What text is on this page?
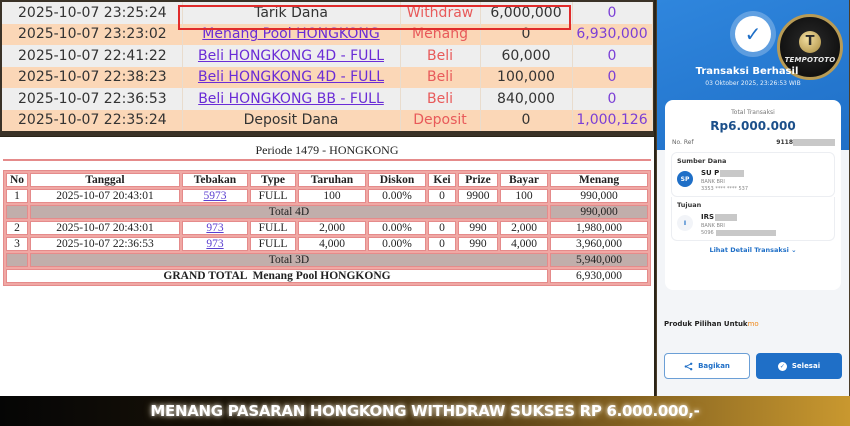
2025-10-07 23:25:24	Tarik Dana	Withdraw	6,000,000	0
2025-10-07 23:23:02	Menang Pool HONGKONG	Menang	0	6,930,000
2025-10-07 22:41:22	Beli HONGKONG 4D - FULL	Beli	60,000	0
2025-10-07 22:38:23	Beli HONGKONG 4D - FULL	Beli	100,000	0
2025-10-07 22:36:53	Beli HONGKONG BB - FULL	Beli	840,000	0
2025-10-07 22:35:24	Deposit Dana	Deposit	0	1,000,126
Periode 1479 - HONGKONG
No	Tanggal	Tebakan	Type	Taruhan	Diskon	Kei	Prize	Bayar	Menang
1	2025-10-07 20:43:01	5973	FULL	100	0.00%	0	9900	100	990,000
	Total 4D								990,000
2	2025-10-07 20:43:01	973	FULL	2,000	0.00%	0	990	2,000	1,980,000
3	2025-10-07 22:36:53	973	FULL	4,000	0.00%	0	990	4,000	3,960,000
	Total 3D								5,940,000
GRAND TOTAL  Menang Pool HONGKONG									6,930,000
✓	T
TEMPOTOTO
Transaksi Berhasil
03 Oktober 2025, 23:26:53 WIB
Total Transaksi
Rp6.000.000
No. Ref	9118
Sumber Dana
SP
SU P
BANK BRI
3353 **** **** 537
Tujuan
I
IRS
BANK BRI
5096
Lihat Detail Transaksi ⌄
Produk Pilihan Untukmo
Bagikan	✓ Selesai
MENANG PASARAN HONGKONG WITHDRAW SUKSES RP 6.000.000,-
